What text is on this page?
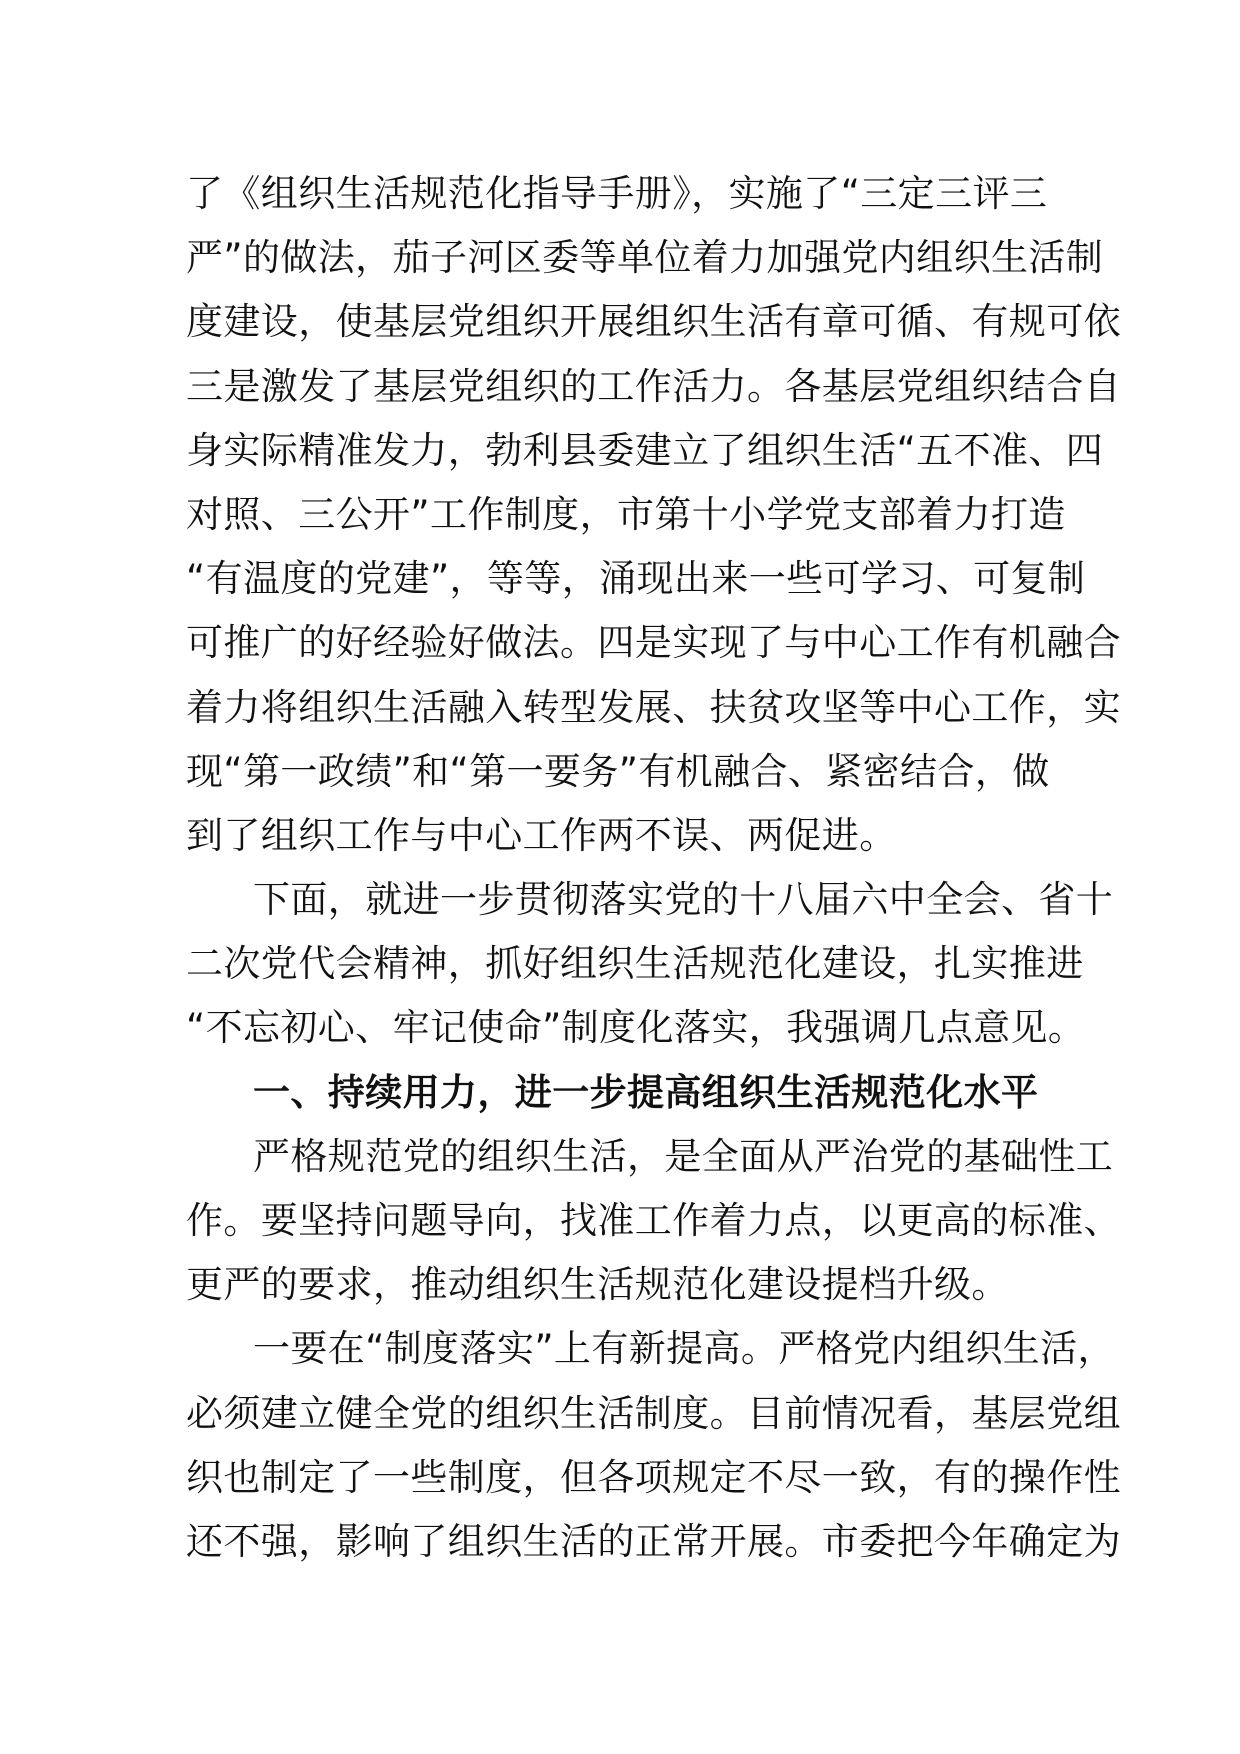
了《组织生活规范化指导手册》，实施了“三定三评三
严”的做法，茄子河区委等单位着力加强党内组织生活制
度建设，使基层党组织开展组织生活有章可循、有规可依
三是激发了基层党组织的工作活力。各基层党组织结合自
身实际精准发力，勃利县委建立了组织生活“五不准、四
对照、三公开”工作制度，市第十小学党支部着力打造
“有温度的党建”，等等，涌现出来一些可学习、可复制
可推广的好经验好做法。四是实现了与中心工作有机融合
着力将组织生活融入转型发展、扶贫攻坚等中心工作，实
现“第一政绩”和“第一要务”有机融合、紧密结合，做
到了组织工作与中心工作两不误、两促进。
下面，就进一步贯彻落实党的十八届六中全会、省十
二次党代会精神，抓好组织生活规范化建设，扎实推进
“不忘初心、牢记使命”制度化落实，我强调几点意见。
一、持续用力，进一步提高组织生活规范化水平
严格规范党的组织生活，是全面从严治党的基础性工
作。要坚持问题导向，找准工作着力点，以更高的标准、
更严的要求，推动组织生活规范化建设提档升级。
一要在“制度落实”上有新提高。严格党内组织生活，
必须建立健全党的组织生活制度。目前情况看，基层党组
织也制定了一些制度，但各项规定不尽一致，有的操作性
还不强，影响了组织生活的正常开展。市委把今年确定为
